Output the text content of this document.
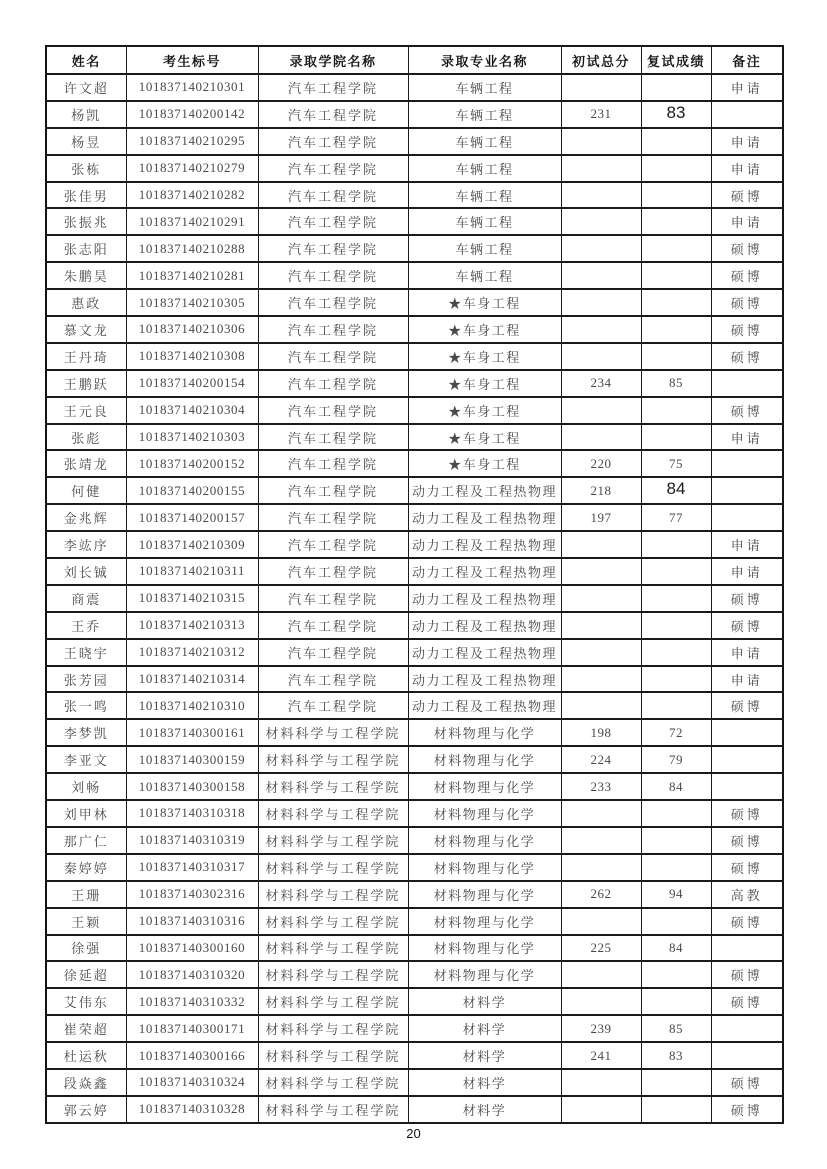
姓名	考生标号	录取学院名称	录取专业名称	初试总分	复试成绩	备注
许文超	101837140210301	汽车工程学院	车辆工程			申请
杨凯	101837140200142	汽车工程学院	车辆工程	231	83	
杨昱	101837140210295	汽车工程学院	车辆工程			申请
张栋	101837140210279	汽车工程学院	车辆工程			申请
张佳男	101837140210282	汽车工程学院	车辆工程			硕博
张振兆	101837140210291	汽车工程学院	车辆工程			申请
张志阳	101837140210288	汽车工程学院	车辆工程			硕博
朱鹏昊	101837140210281	汽车工程学院	车辆工程			硕博
惠政	101837140210305	汽车工程学院	★车身工程			硕博
慕文龙	101837140210306	汽车工程学院	★车身工程			硕博
王丹琦	101837140210308	汽车工程学院	★车身工程			硕博
王鹏跃	101837140200154	汽车工程学院	★车身工程	234	85	
王元良	101837140210304	汽车工程学院	★车身工程			硕博
张彪	101837140210303	汽车工程学院	★车身工程			申请
张靖龙	101837140200152	汽车工程学院	★车身工程	220	75	
何健	101837140200155	汽车工程学院	动力工程及工程热物理	218	84	
金兆辉	101837140200157	汽车工程学院	动力工程及工程热物理	197	77	
李竑序	101837140210309	汽车工程学院	动力工程及工程热物理			申请
刘长铖	101837140210311	汽车工程学院	动力工程及工程热物理			申请
商震	101837140210315	汽车工程学院	动力工程及工程热物理			硕博
王乔	101837140210313	汽车工程学院	动力工程及工程热物理			硕博
王晓宇	101837140210312	汽车工程学院	动力工程及工程热物理			申请
张芳园	101837140210314	汽车工程学院	动力工程及工程热物理			申请
张一鸣	101837140210310	汽车工程学院	动力工程及工程热物理			硕博
李梦凯	101837140300161	材料科学与工程学院	材料物理与化学	198	72	
李亚文	101837140300159	材料科学与工程学院	材料物理与化学	224	79	
刘畅	101837140300158	材料科学与工程学院	材料物理与化学	233	84	
刘甲林	101837140310318	材料科学与工程学院	材料物理与化学			硕博
那广仁	101837140310319	材料科学与工程学院	材料物理与化学			硕博
秦婷婷	101837140310317	材料科学与工程学院	材料物理与化学			硕博
王珊	101837140302316	材料科学与工程学院	材料物理与化学	262	94	高教
王颖	101837140310316	材料科学与工程学院	材料物理与化学			硕博
徐强	101837140300160	材料科学与工程学院	材料物理与化学	225	84	
徐延超	101837140310320	材料科学与工程学院	材料物理与化学			硕博
艾伟东	101837140310332	材料科学与工程学院	材料学			硕博
崔荣超	101837140300171	材料科学与工程学院	材料学	239	85	
杜运秋	101837140300166	材料科学与工程学院	材料学	241	83	
段焱鑫	101837140310324	材料科学与工程学院	材料学			硕博
郭云婷	101837140310328	材料科学与工程学院	材料学			硕博
20
